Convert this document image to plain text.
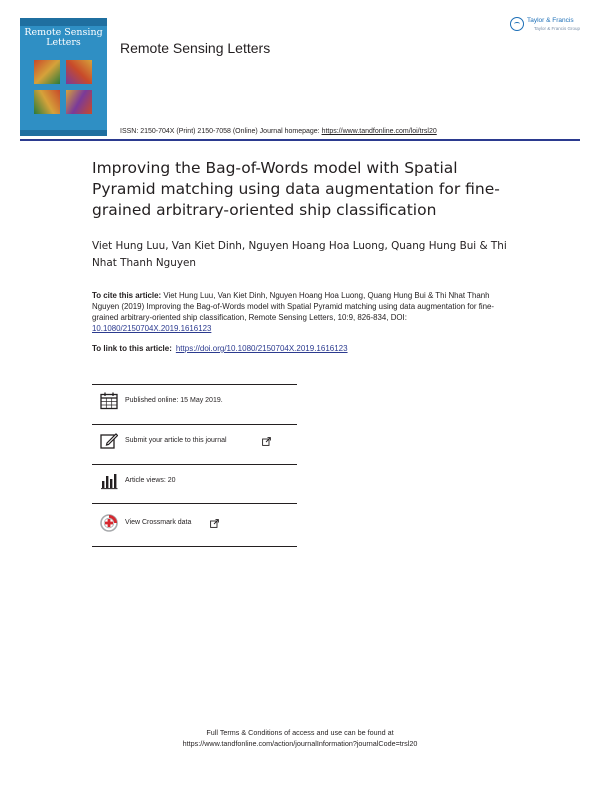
Remote Sensing
Letters	Remote Sensing Letters
Taylor & Francis
Taylor & Francis Group
ISSN: 2150-704X (Print) 2150-7058 (Online) Journal homepage: https://www.tandfonline.com/loi/trsl20
Improving the Bag-of-Words model with Spatial Pyramid matching using data augmentation for fine-grained arbitrary-oriented ship classification
Viet Hung Luu, Van Kiet Dinh, Nguyen Hoang Hoa Luong, Quang Hung Bui & Thi Nhat Thanh Nguyen
To cite this article: Viet Hung Luu, Van Kiet Dinh, Nguyen Hoang Hoa Luong, Quang Hung Bui & Thi Nhat Thanh Nguyen (2019) Improving the Bag-of-Words model with Spatial Pyramid matching using data augmentation for fine-grained arbitrary-oriented ship classification, Remote Sensing Letters, 10:9, 826-834, DOI: 10.1080/2150704X.2019.1616123
To link to this article: https://doi.org/10.1080/2150704X.2019.1616123
Published online: 15 May 2019.
Submit your article to this journal
Article views: 20
View Crossmark data
Full Terms & Conditions of access and use can be found at
https://www.tandfonline.com/action/journalInformation?journalCode=trsl20
